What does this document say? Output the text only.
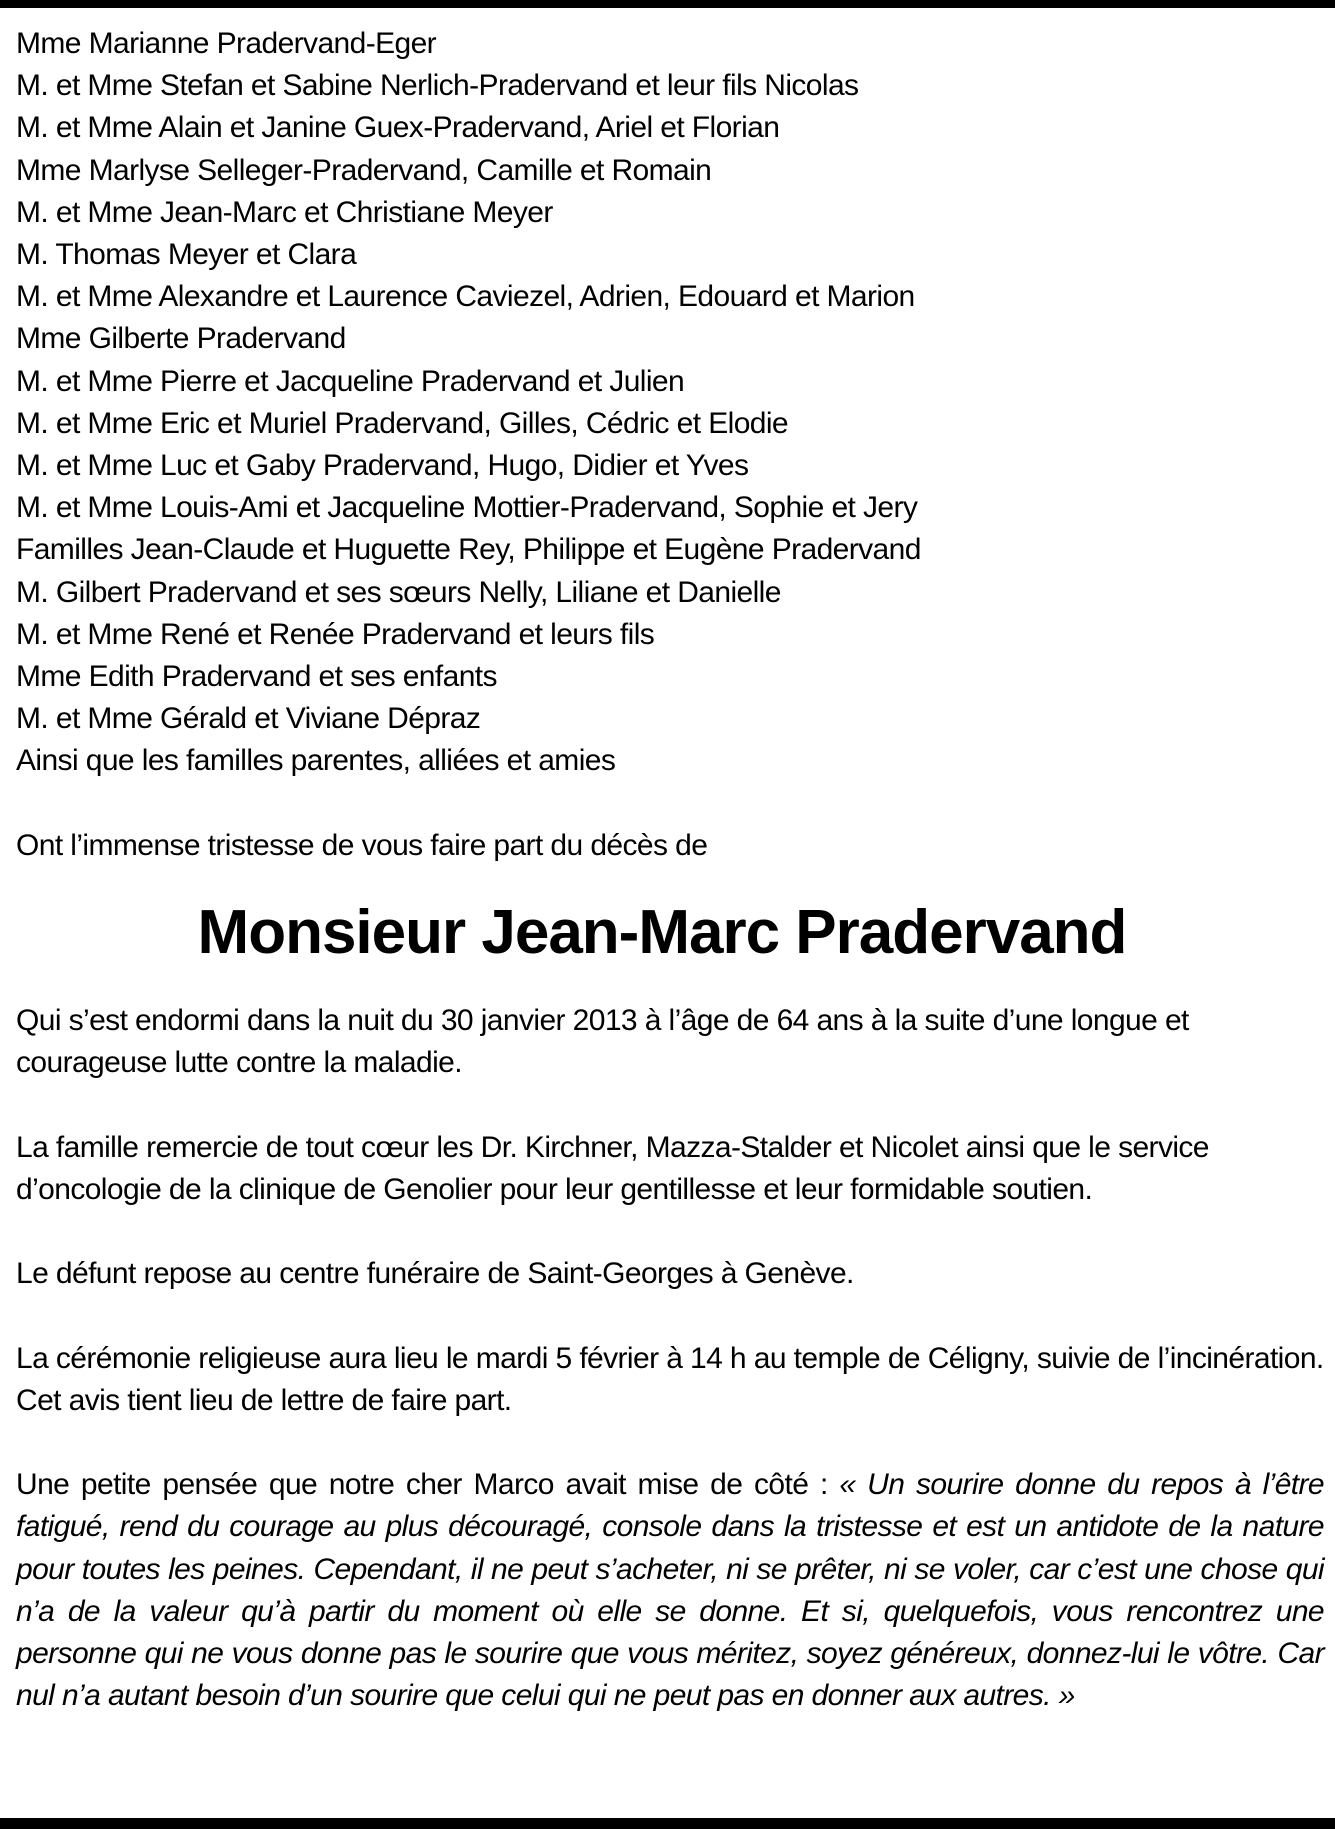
Mme Marianne Pradervand-Eger
M. et Mme Stefan et Sabine Nerlich-Pradervand et leur fils Nicolas
M. et Mme Alain et Janine Guex-Pradervand, Ariel et Florian
Mme Marlyse Selleger-Pradervand, Camille et Romain
M. et Mme Jean-Marc et Christiane Meyer
M. Thomas Meyer et Clara
M. et Mme Alexandre et Laurence Caviezel, Adrien, Edouard et Marion
Mme Gilberte Pradervand
M. et Mme Pierre et Jacqueline Pradervand et Julien
M. et Mme Eric et Muriel Pradervand, Gilles, Cédric et Elodie
M. et Mme Luc et Gaby Pradervand, Hugo, Didier et Yves
M. et Mme Louis-Ami et Jacqueline Mottier-Pradervand, Sophie et Jery
Familles Jean-Claude et Huguette Rey, Philippe et Eugène Pradervand
M. Gilbert Pradervand et ses sœurs Nelly, Liliane et Danielle
M. et Mme René et Renée Pradervand et leurs fils
Mme Edith Pradervand et ses enfants
M. et Mme Gérald et Viviane Dépraz
Ainsi que les familles parentes, alliées et amies

Ont l’immense tristesse de vous faire part du décès de

Monsieur Jean-Marc Pradervand

Qui s’est endormi dans la nuit du 30 janvier 2013 à l’âge de 64 ans à la suite d’une longue et courageuse lutte contre la maladie.

La famille remercie de tout cœur les Dr. Kirchner, Mazza-Stalder et Nicolet ainsi que le service d’oncologie de la clinique de Genolier pour leur gentillesse et leur formidable soutien.

Le défunt repose au centre funéraire de Saint-Georges à Genève.

La cérémonie religieuse aura lieu le mardi 5 février à 14 h au temple de Céligny, suivie de l’incinération. Cet avis tient lieu de lettre de faire part.

Une petite pensée que notre cher Marco avait mise de côté : « Un sourire donne du repos à l’être fatigué, rend du courage au plus découragé, console dans la tristesse et est un antidote de la nature pour toutes les peines. Cependant, il ne peut s’acheter, ni se prêter, ni se voler, car c’est une chose qui n’a de la valeur qu’à partir du moment où elle se donne. Et si, quelquefois, vous rencontrez une personne qui ne vous donne pas le sourire que vous méritez, soyez généreux, donnez-lui le vôtre. Car nul n’a autant besoin d’un sourire que celui qui ne peut pas en donner aux autres. »
